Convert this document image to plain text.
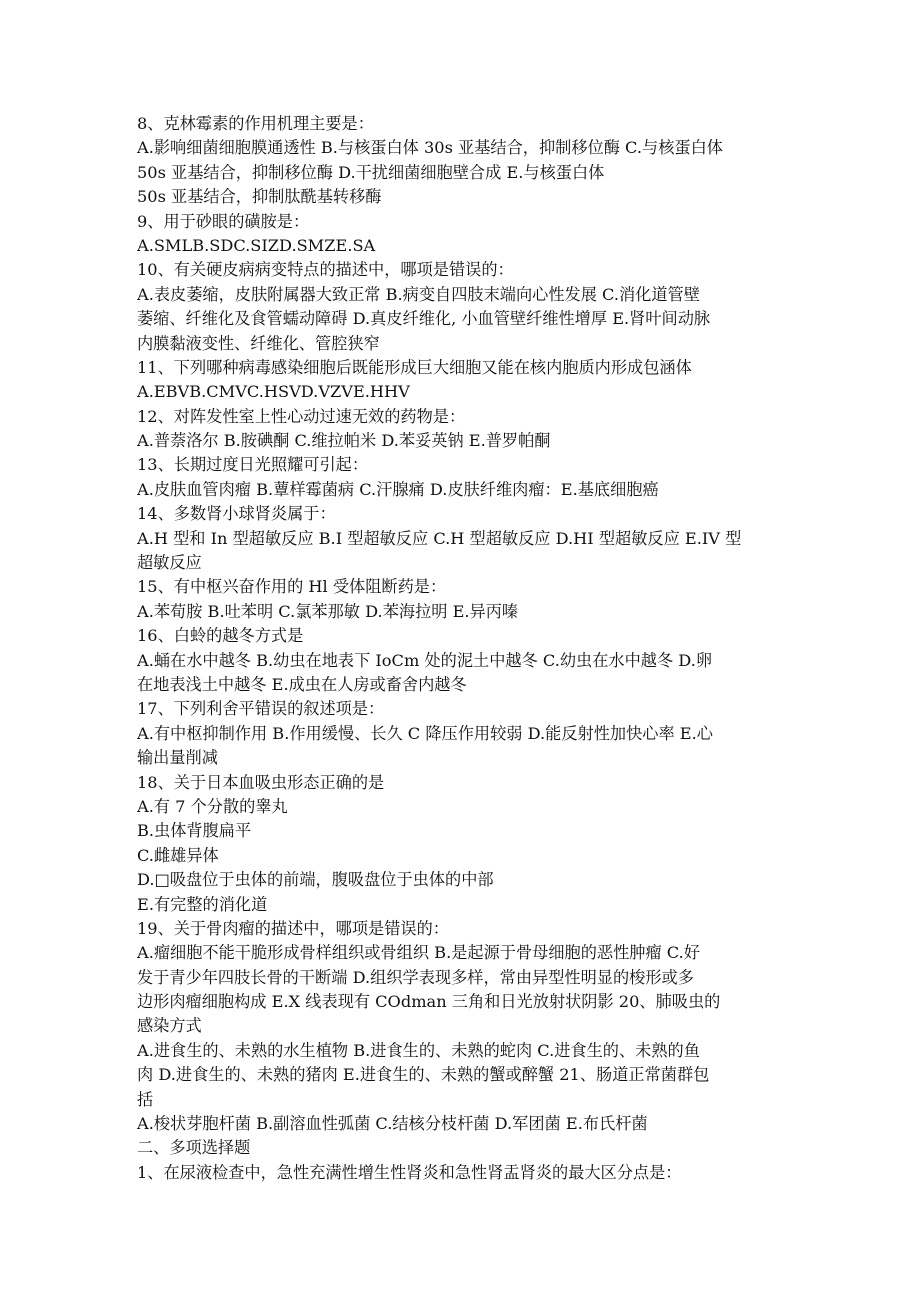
8、克林霉素的作用机理主要是：
A.影响细菌细胞膜通透性 B.与核蛋白体 30s 亚基结合，抑制移位酶 C.与核蛋白体
50s 亚基结合，抑制移位酶 D.干扰细菌细胞壁合成 E.与核蛋白体
50s 亚基结合，抑制肽酰基转移酶
9、用于砂眼的磺胺是：
A.SMLB.SDC.SIZD.SMZE.SA
10、有关硬皮病病变特点的描述中，哪项是错误的：
A.表皮萎缩，皮肤附属器大致正常 B.病变自四肢末端向心性发展 C.消化道管壁
萎缩、纤维化及食管蠕动障碍 D.真皮纤维化, 小血管壁纤维性增厚 E.肾叶间动脉
内膜黏液变性、纤维化、管腔狭窄
11、下列哪种病毒感染细胞后既能形成巨大细胞又能在核内胞质内形成包涵体
A.EBVB.CMVC.HSVD.VZVE.HHV
12、对阵发性室上性心动过速无效的药物是：
A.普萘洛尔 B.胺碘酮 C.维拉帕米 D.苯妥英钠 E.普罗帕酮
13、长期过度日光照耀可引起：
A.皮肤血管肉瘤 B.蕈样霉菌病 C.汗腺痛 D.皮肤纤维肉瘤：E.基底细胞癌
14、多数肾小球肾炎属于：
A.H 型和 In 型超敏反应 B.I 型超敏反应 C.H 型超敏反应 D.HI 型超敏反应 E.IV 型
超敏反应
15、有中枢兴奋作用的 Hl 受体阻断药是：
A.苯荀胺 B.吐苯明 C.氯苯那敏 D.苯海拉明 E.异丙嗪
16、白蛉的越冬方式是
A.蛹在水中越冬 B.幼虫在地表下 IoCm 处的泥土中越冬 C.幼虫在水中越冬 D.卵
在地表浅土中越冬 E.成虫在人房或畜舍内越冬
17、下列利舍平错误的叙述项是：
A.有中枢抑制作用 B.作用缓慢、长久 C 降压作用较弱 D.能反射性加快心率 E.心
输出量削减
18、关于日本血吸虫形态正确的是
A.有 7 个分散的睾丸
B.虫体背腹扁平
C.雌雄异体
D.□吸盘位于虫体的前端，腹吸盘位于虫体的中部
E.有完整的消化道
19、关于骨肉瘤的描述中，哪项是错误的：
A.瘤细胞不能干脆形成骨样组织或骨组织 B.是起源于骨母细胞的恶性肿瘤 C.好
发于青少年四肢长骨的干断端 D.组织学表现多样，常由异型性明显的梭形或多
边形肉瘤细胞构成 E.X 线表现有 COdman 三角和日光放射状阴影 20、肺吸虫的
感染方式
A.进食生的、未熟的水生植物 B.进食生的、未熟的蛇肉 C.进食生的、未熟的鱼
肉 D.进食生的、未熟的猪肉 E.进食生的、未熟的蟹或醉蟹 21、肠道正常菌群包
括
A.梭状芽胞杆菌 B.副溶血性弧菌 C.结核分枝杆菌 D.军团菌 E.布氏杆菌
二、多项选择题
1、在尿液检查中，急性充满性增生性肾炎和急性肾盂肾炎的最大区分点是：
